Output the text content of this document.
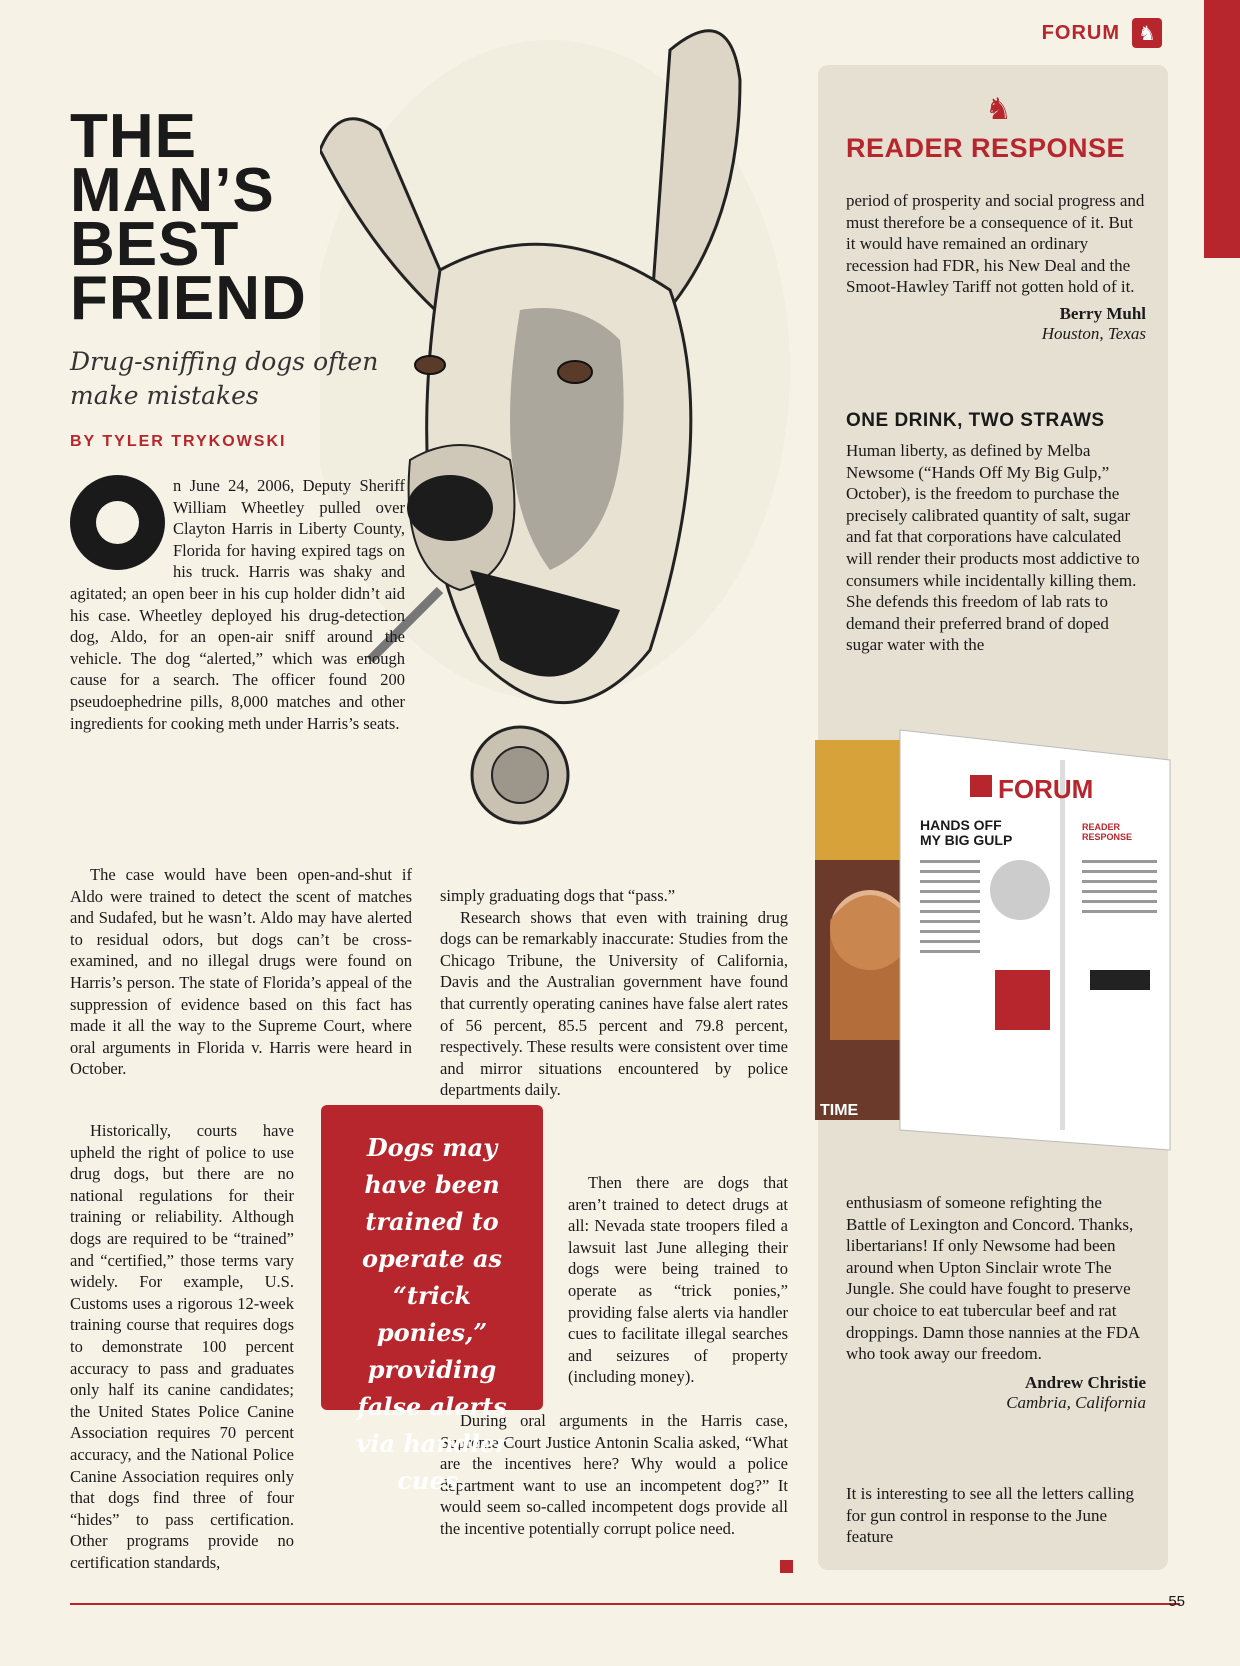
FORUM ♞
THE
MAN’S
BEST
FRIEND
Drug-sniffing dogs often make mistakes
BY TYLER TRYKOWSKI

n June 24, 2006, Deputy Sheriff William Wheetley pulled over Clayton Harris in Liberty County, Florida for having expired tags on his truck. Harris was shaky and agitated; an open beer in his cup holder didn’t aid his case. Wheetley deployed his drug-detection dog, Aldo, for an open-air sniff around the vehicle. The dog “alerted,” which was enough cause for a search. The officer found 200 pseudoephedrine pills, 8,000 matches and other ingredients for cooking meth under Harris’s seats.

The case would have been open-and-shut if Aldo were trained to detect the scent of matches and Sudafed, but he wasn’t. Aldo may have alerted to residual odors, but dogs can’t be cross-examined, and no illegal drugs were found on Harris’s person. The state of Florida’s appeal of the suppression of evidence based on this fact has made it all the way to the Supreme Court, where oral arguments in Florida v. Harris were heard in October.

Historically, courts have upheld the right of police to use drug dogs, but there are no national regulations for their training or reliability. Although dogs are required to be “trained” and “certified,” those terms vary widely. For example, U.S. Customs uses a rigorous 12-week training course that requires dogs to demonstrate 100 percent accuracy to pass and graduates only half its canine candidates; the United States Police Canine Association requires 70 percent accuracy, and the National Police Canine Association requires only that dogs find three of four “hides” to pass certification. Other programs provide no certification standards,

simply graduating dogs that “pass.”

Research shows that even with training drug dogs can be remarkably inaccurate: Studies from the Chicago Tribune, the University of California, Davis and the Australian government have found that currently operating canines have false alert rates of 56 percent, 85.5 percent and 79.8 percent, respectively. These results were consistent over time and mirror situations encountered by police departments daily.

Then there are dogs that aren’t trained to detect drugs at all: Nevada state troopers filed a lawsuit last June alleging their dogs were being trained to operate as “trick ponies,” providing false alerts via handler cues to facilitate illegal searches and seizures of property (including money).

During oral arguments in the Harris case, Supreme Court Justice Antonin Scalia asked, “What are the incentives here? Why would a police department want to use an incompetent dog?” It would seem so-called incompetent dogs provide all the incentive potentially corrupt police need.

Dogs may have been trained to operate as “trick ponies,” providing false alerts via handler cues.
♞
READER RESPONSE
period of prosperity and social progress and must therefore be a consequence of it. But it would have remained an ordinary recession had FDR, his New Deal and the Smoot-Hawley Tariff not gotten hold of it.
Berry Muhl
Houston, Texas
ONE DRINK, TWO STRAWS
Human liberty, as defined by Melba Newsome (“Hands Off My Big Gulp,” October), is the freedom to purchase the precisely calibrated quantity of salt, sugar and fat that corporations have calculated will render their products most addictive to consumers while incidentally killing them. She defends this freedom of lab rats to demand their preferred brand of doped sugar water with the
TIME
FORUM
HANDS OFF
MY BIG GULP
READER
RESPONSE
enthusiasm of someone refighting the Battle of Lexington and Concord. Thanks, libertarians! If only Newsome had been around when Upton Sinclair wrote The Jungle. She could have fought to preserve our choice to eat tubercular beef and rat droppings. Damn those nannies at the FDA who took away our freedom.
Andrew Christie
Cambria, California
It is interesting to see all the letters calling for gun control in response to the June feature
55
